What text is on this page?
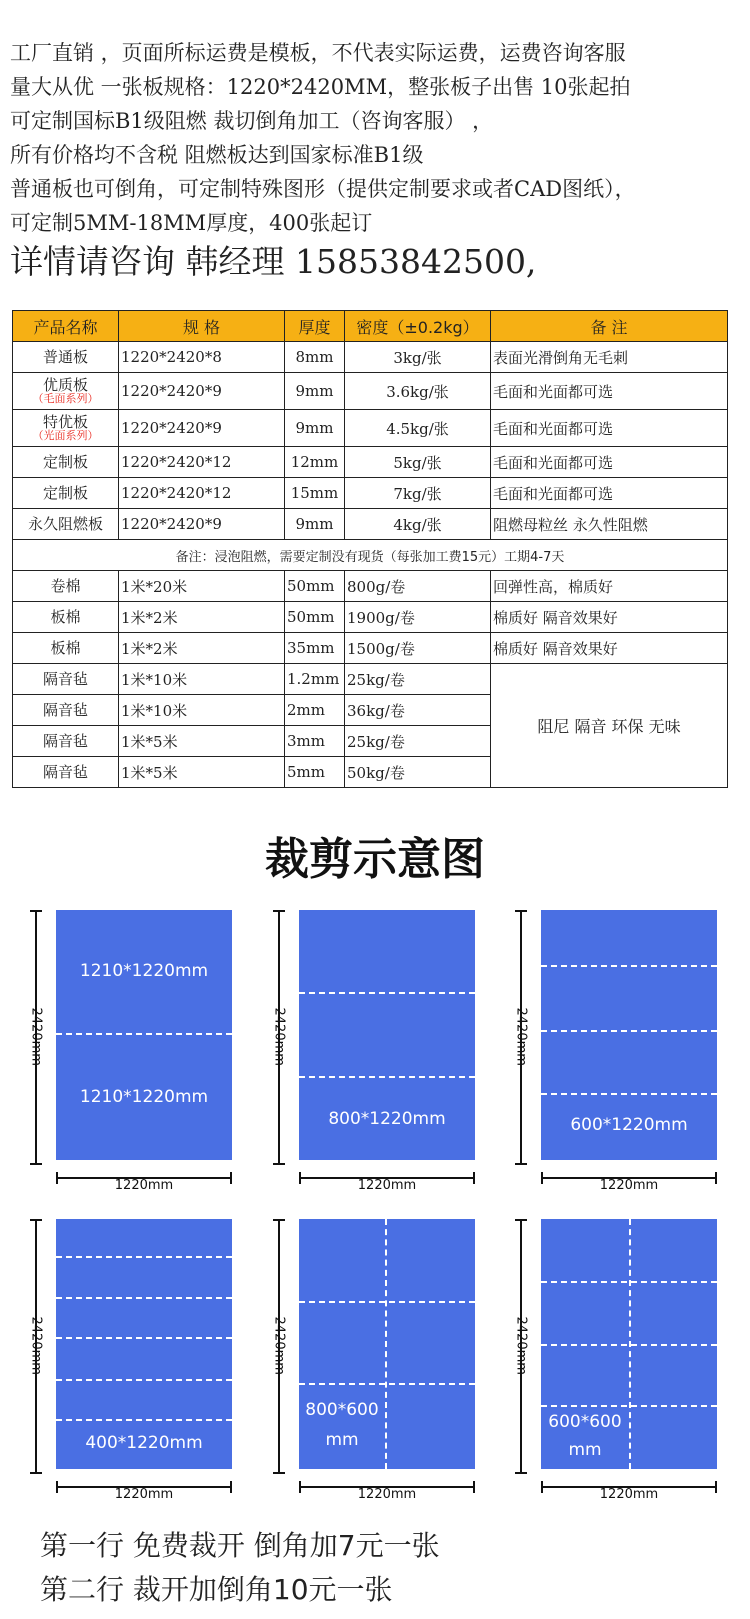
工厂直销 ，页面所标运费是模板，不代表实际运费，运费咨询客服
量大从优 一张板规格：1220*2420MM，整张板子出售 10张起拍
可定制国标B1级阻燃 裁切倒角加工（咨询客服） ，
所有价格均不含税 阻燃板达到国家标准B1级
普通板也可倒角，可定制特殊图形（提供定制要求或者CAD图纸），
可定制5MM-18MM厚度，400张起订
详情请咨询 韩经理 15853842500,
产品名称	规 格	厚度	密度（±0.2kg）	备 注
普通板	1220*2420*8	8mm	3kg/张	表面光滑倒角无毛刺
优质板
（毛面系列）	1220*2420*9	9mm	3.6kg/张	毛面和光面都可选
特优板
（光面系列）	1220*2420*9	9mm	4.5kg/张	毛面和光面都可选
定制板	1220*2420*12	12mm	5kg/张	毛面和光面都可选
定制板	1220*2420*12	15mm	7kg/张	毛面和光面都可选
永久阻燃板	1220*2420*9	9mm	4kg/张	阻燃母粒丝 永久性阻燃
备注：浸泡阻燃，需要定制没有现货（每张加工费15元）工期4-7天				
卷棉	1米*20米	50mm	800g/卷	回弹性高，棉质好
板棉	1米*2米	50mm	1900g/卷	棉质好 隔音效果好
板棉	1米*2米	35mm	1500g/卷	棉质好 隔音效果好
隔音毡	1米*10米	1.2mm	25kg/卷	阻尼 隔音 环保 无味
隔音毡	1米*10米	2mm	36kg/卷	
隔音毡	1米*5米	3mm	25kg/卷	
隔音毡	1米*5米	5mm	50kg/卷	
裁剪示意图
2420mm
1210*1220mm
1210*1220mm
1220mm
2420mm
800*1220mm
1220mm
2420mm
600*1220mm
1220mm
2420mm
400*1220mm
1220mm
2420mm
800*600
mm
1220mm
2420mm
600*600
mm
1220mm
第一行 免费裁开 倒角加7元一张
第二行 裁开加倒角10元一张
